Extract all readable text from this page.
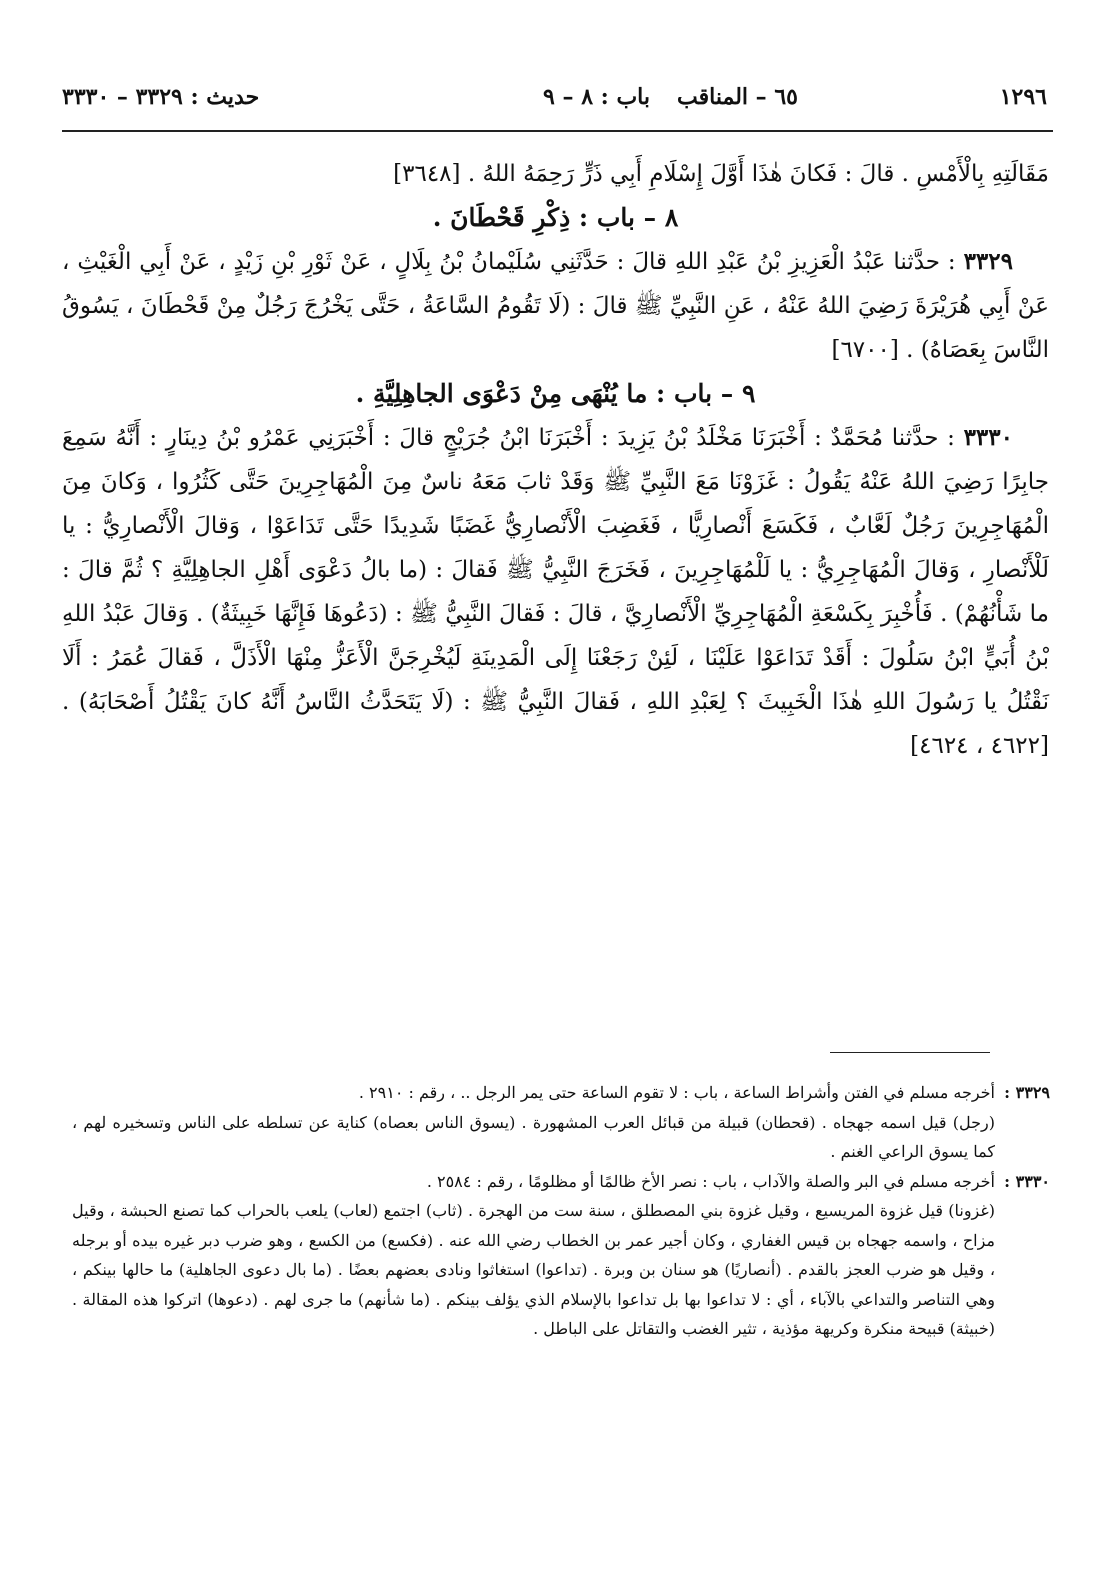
١٢٩٦
٦٥ – المناقب
باب : ٨ – ٩
حديث : ٣٣٢٩ – ٣٣٣٠

مَقَالَتِهِ بِالْأَمْسِ . قالَ : فَكانَ هٰذَا أَوَّلَ إِسْلَامِ أَبِي ذَرٍّ رَحِمَهُ اللهُ . [٣٦٤٨]

٨ – باب : ذِكْرِ قَحْطَانَ .

٣٣٢٩ : حدَّثنا عَبْدُ الْعَزِيزِ بْنُ عَبْدِ اللهِ قالَ : حَدَّثَنِي سُلَيْمانُ بْنُ بِلَالٍ ، عَنْ ثَوْرِ بْنِ زَيْدٍ ، عَنْ أَبِي الْغَيْثِ ، عَنْ أَبِي هُرَيْرَةَ رَضِيَ اللهُ عَنْهُ ، عَنِ النَّبِيِّ ﷺ قالَ : (لَا تَقُومُ السَّاعَةُ ، حَتَّى يَخْرُجَ رَجُلٌ مِنْ قَحْطَانَ ، يَسُوقُ النَّاسَ بِعَصَاهُ) . [٦٧٠٠]

٩ – باب : ما يُنْهَى مِنْ دَعْوَى الجاهِلِيَّةِ .

٣٣٣٠ : حدَّثنا مُحَمَّدٌ : أَخْبَرَنَا مَخْلَدُ بْنُ يَزِيدَ : أَخْبَرَنَا ابْنُ جُرَيْجٍ قالَ : أَخْبَرَنِي عَمْرُو بْنُ دِينَارٍ : أَنَّهُ سَمِعَ جابِرًا رَضِيَ اللهُ عَنْهُ يَقُولُ : غَزَوْنَا مَعَ النَّبِيِّ ﷺ وَقَدْ ثابَ مَعَهُ ناسٌ مِنَ الْمُهَاجِرِينَ حَتَّى كَثُرُوا ، وَكانَ مِنَ الْمُهَاجِرِينَ رَجُلٌ لَعَّابٌ ، فَكَسَعَ أَنْصارِيًّا ، فَغَضِبَ الْأَنْصارِيُّ غَضَبًا شَدِيدًا حَتَّى تَدَاعَوْا ، وَقالَ الْأَنْصارِيُّ : يا لَلْأَنْصارِ ، وَقالَ الْمُهَاجِرِيُّ : يا لَلْمُهَاجِرِينَ ، فَخَرَجَ النَّبِيُّ ﷺ فَقالَ : (ما بالُ دَعْوَى أَهْلِ الجاهِلِيَّةِ ؟ ثُمَّ قالَ : ما شَأْنُهُمْ) . فَأُخْبِرَ بِكَسْعَةِ الْمُهَاجِرِيِّ الْأَنْصارِيَّ ، قالَ : فَقالَ النَّبِيُّ ﷺ : (دَعُوهَا فَإِنَّهَا خَبِيثَةٌ) . وَقالَ عَبْدُ اللهِ بْنُ أُبَيٍّ ابْنُ سَلُولَ : أَقَدْ تَدَاعَوْا عَلَيْنَا ، لَئِنْ رَجَعْنَا إِلَى الْمَدِينَةِ لَيُخْرِجَنَّ الْأَعَزُّ مِنْهَا الْأَذَلَّ ، فَقالَ عُمَرُ : أَلَا نَقْتُلُ يا رَسُولَ اللهِ هٰذَا الْخَبِيثَ ؟ لِعَبْدِ اللهِ ، فَقالَ النَّبِيُّ ﷺ : (لَا يَتَحَدَّثُ النَّاسُ أَنَّهُ كانَ يَقْتُلُ أَصْحَابَهُ) . [٤٦٢٢ ، ٤٦٢٤]

٣٣٢٩ :

أخرجه مسلم في الفتن وأشراط الساعة ، باب : لا تقوم الساعة حتى يمر الرجل .. ، رقم : ٢٩١٠ .

(رجل) قيل اسمه جهجاه . (قحطان) قبيلة من قبائل العرب المشهورة . (يسوق الناس بعصاه) كناية عن تسلطه على الناس وتسخيره لهم ، كما يسوق الراعي الغنم .

٣٣٣٠ :

أخرجه مسلم في البر والصلة والآداب ، باب : نصر الأخ ظالمًا أو مظلومًا ، رقم : ٢٥٨٤ .

(غزونا) قيل غزوة المريسيع ، وقيل غزوة بني المصطلق ، سنة ست من الهجرة . (ثاب) اجتمع (لعاب) يلعب بالحراب كما تصنع الحبشة ، وقيل مزاح ، واسمه جهجاه بن قيس الغفاري ، وكان أجير عمر بن الخطاب رضي الله عنه . (فكسع) من الكسع ، وهو ضرب دبر غيره بيده أو برجله ، وقيل هو ضرب العجز بالقدم . (أنصاريًا) هو سنان بن وبرة . (تداعوا) استغاثوا ونادى بعضهم بعضًا . (ما بال دعوى الجاهلية) ما حالها بينكم ، وهي التناصر والتداعي بالآباء ، أي : لا تداعوا بها بل تداعوا بالإسلام الذي يؤلف بينكم . (ما شأنهم) ما جرى لهم . (دعوها) اتركوا هذه المقالة . (خبيثة) قبيحة منكرة وكريهة مؤذية ، تثير الغضب والتقاتل على الباطل .
